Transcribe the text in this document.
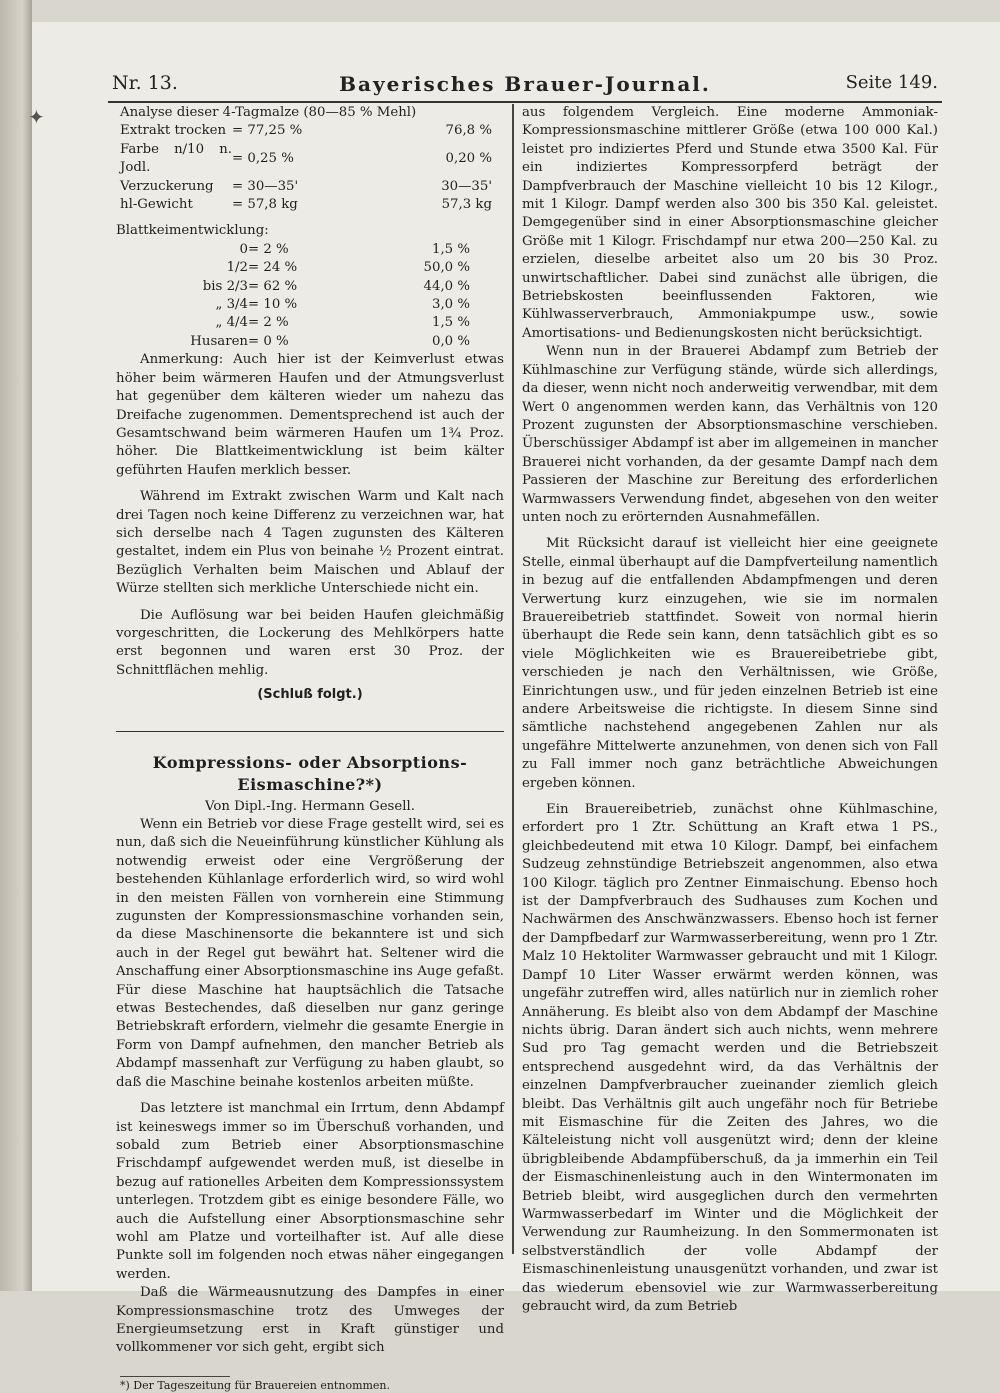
✦
Nr. 13.	Bayerisches Brauer-Journal.	Seite 149.
Analyse dieser 4-Tagmalze (80—85 % Mehl)		
Extrakt trocken	= 77,25 %	76,8 %
Farbe n/10 n. Jodl.	= 0,25 %	0,20 %
Verzuckerung	= 30—35'	30—35'
hl-Gewicht	= 57,8 kg	57,3 kg

Blattkeimentwicklung:

0	= 2 %	1,5 %
1/2	= 24 %	50,0 %
bis 2/3	= 62 %	44,0 %
„ 3/4	= 10 %	3,0 %
„ 4/4	= 2 %	1,5 %
Husaren	= 0 %	0,0 %

Anmerkung: Auch hier ist der Keimverlust etwas höher beim wärmeren Haufen und der Atmungsverlust hat gegenüber dem kälteren wieder um nahezu das Dreifache zugenommen. Dementsprechend ist auch der Gesamtschwand beim wärmeren Haufen um 1¾ Proz. höher. Die Blattkeimentwicklung ist beim kälter geführten Haufen merklich besser.

Während im Extrakt zwischen Warm und Kalt nach drei Tagen noch keine Differenz zu verzeichnen war, hat sich derselbe nach 4 Tagen zugunsten des Kälteren gestaltet, indem ein Plus von beinahe ½ Prozent eintrat. Bezüglich Verhalten beim Maischen und Ablauf der Würze stellten sich merkliche Unterschiede nicht ein.

Die Auflösung war bei beiden Haufen gleichmäßig vorgeschritten, die Lockerung des Mehlkörpers hatte erst begonnen und waren erst 30 Proz. der Schnittflächen mehlig.

(Schluß folgt.)

Kompressions- oder Absorptions-Eismaschine?*)

Von Dipl.-Ing. Hermann Gesell.

Wenn ein Betrieb vor diese Frage gestellt wird, sei es nun, daß sich die Neueinführung künstlicher Kühlung als notwendig erweist oder eine Vergrößerung der bestehenden Kühlanlage erforderlich wird, so wird wohl in den meisten Fällen von vornherein eine Stimmung zugunsten der Kompressionsmaschine vorhanden sein, da diese Maschinensorte die bekanntere ist und sich auch in der Regel gut bewährt hat. Seltener wird die Anschaffung einer Absorptionsmaschine ins Auge gefaßt. Für diese Maschine hat hauptsächlich die Tatsache etwas Bestechendes, daß dieselben nur ganz geringe Betriebskraft erfordern, vielmehr die gesamte Energie in Form von Dampf aufnehmen, den mancher Betrieb als Abdampf massenhaft zur Verfügung zu haben glaubt, so daß die Maschine beinahe kostenlos arbeiten müßte.

Das letztere ist manchmal ein Irrtum, denn Abdampf ist keineswegs immer so im Überschuß vorhanden, und sobald zum Betrieb einer Absorptionsmaschine Frischdampf aufgewendet werden muß, ist dieselbe in bezug auf rationelles Arbeiten dem Kompressionssystem unterlegen. Trotzdem gibt es einige besondere Fälle, wo auch die Aufstellung einer Absorptionsmaschine sehr wohl am Platze und vorteilhafter ist. Auf alle diese Punkte soll im folgenden noch etwas näher eingegangen werden.

Daß die Wärmeausnutzung des Dampfes in einer Kompressionsmaschine trotz des Umweges der Energieumsetzung erst in Kraft günstiger und vollkommener vor sich geht, ergibt sich

*) Der Tageszeitung für Brauereien entnommen.

aus folgendem Vergleich. Eine moderne Ammoniak-Kompressionsmaschine mittlerer Größe (etwa 100 000 Kal.) leistet pro indiziertes Pferd und Stunde etwa 3500 Kal. Für ein indiziertes Kompressorpferd beträgt der Dampfverbrauch der Maschine vielleicht 10 bis 12 Kilogr., mit 1 Kilogr. Dampf werden also 300 bis 350 Kal. geleistet. Demgegenüber sind in einer Absorptionsmaschine gleicher Größe mit 1 Kilogr. Frischdampf nur etwa 200—250 Kal. zu erzielen, dieselbe arbeitet also um 20 bis 30 Proz. unwirtschaftlicher. Dabei sind zunächst alle übrigen, die Betriebskosten beeinflussenden Faktoren, wie Kühlwasserverbrauch, Ammoniakpumpe usw., sowie Amortisations- und Bedienungskosten nicht berücksichtigt.

Wenn nun in der Brauerei Abdampf zum Betrieb der Kühlmaschine zur Verfügung stände, würde sich allerdings, da dieser, wenn nicht noch anderweitig verwendbar, mit dem Wert 0 angenommen werden kann, das Verhältnis von 120 Prozent zugunsten der Absorptionsmaschine verschieben. Überschüssiger Abdampf ist aber im allgemeinen in mancher Brauerei nicht vorhanden, da der gesamte Dampf nach dem Passieren der Maschine zur Bereitung des erforderlichen Warmwassers Verwendung findet, abgesehen von den weiter unten noch zu erörternden Ausnahmefällen.

Mit Rücksicht darauf ist vielleicht hier eine geeignete Stelle, einmal überhaupt auf die Dampfverteilung namentlich in bezug auf die entfallenden Abdampfmengen und deren Verwertung kurz einzugehen, wie sie im normalen Brauereibetrieb stattfindet. Soweit von normal hierin überhaupt die Rede sein kann, denn tatsächlich gibt es so viele Möglichkeiten wie es Brauereibetriebe gibt, verschieden je nach den Verhältnissen, wie Größe, Einrichtungen usw., und für jeden einzelnen Betrieb ist eine andere Arbeitsweise die richtigste. In diesem Sinne sind sämtliche nachstehend angegebenen Zahlen nur als ungefähre Mittelwerte anzunehmen, von denen sich von Fall zu Fall immer noch ganz beträchtliche Abweichungen ergeben können.

Ein Brauereibetrieb, zunächst ohne Kühlmaschine, erfordert pro 1 Ztr. Schüttung an Kraft etwa 1 PS., gleichbedeutend mit etwa 10 Kilogr. Dampf, bei einfachem Sudzeug zehnstündige Betriebszeit angenommen, also etwa 100 Kilogr. täglich pro Zentner Einmaischung. Ebenso hoch ist der Dampfverbrauch des Sudhauses zum Kochen und Nachwärmen des Anschwänzwassers. Ebenso hoch ist ferner der Dampfbedarf zur Warmwasserbereitung, wenn pro 1 Ztr. Malz 10 Hektoliter Warmwasser gebraucht und mit 1 Kilogr. Dampf 10 Liter Wasser erwärmt werden können, was ungefähr zutreffen wird, alles natürlich nur in ziemlich roher Annäherung. Es bleibt also von dem Abdampf der Maschine nichts übrig. Daran ändert sich auch nichts, wenn mehrere Sud pro Tag gemacht werden und die Betriebszeit entsprechend ausgedehnt wird, da das Verhältnis der einzelnen Dampfverbraucher zueinander ziemlich gleich bleibt. Das Verhältnis gilt auch ungefähr noch für Betriebe mit Eismaschine für die Zeiten des Jahres, wo die Kälteleistung nicht voll ausgenützt wird; denn der kleine übrigbleibende Abdampfüberschuß, da ja immerhin ein Teil der Eismaschinenleistung auch in den Wintermonaten im Betrieb bleibt, wird ausgeglichen durch den vermehrten Warmwasserbedarf im Winter und die Möglichkeit der Verwendung zur Raumheizung. In den Sommermonaten ist selbstverständlich der volle Abdampf der Eismaschinenleistung unausgenützt vorhanden, und zwar ist das wiederum ebensoviel wie zur Warmwasserbereitung gebraucht wird, da zum Betrieb
